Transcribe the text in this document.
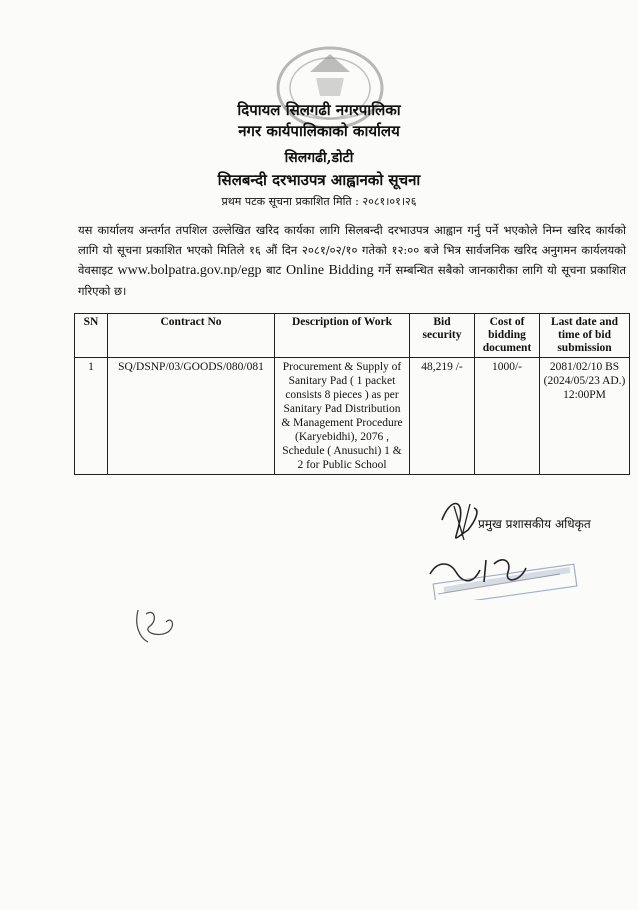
दिपायल सिलगढी नगरपालिका
नगर कार्यपालिकाको कार्यालय
सिलगढी,डोटी
सिलबन्दी दरभाउपत्र आह्वानको सूचना
प्रथम पटक सूचना प्रकाशित मिति : २०८१।०१।२६
यस कार्यालय अन्तर्गत तपशिल उल्लेखित खरिद कार्यका लागि सिलबन्दी दरभाउपत्र आह्वान गर्नु पर्ने भएकोले निम्न खरिद कार्यको लागि यो सूचना प्रकाशित भएको मितिले १६ औं दिन २०८१/०२/१० गतेको १२:०० बजे भित्र सार्वजनिक खरिद अनुगमन कार्यलयको वेवसाइट www.bolpatra.gov.np/egp बाट Online Bidding गर्ने सम्बन्धित सबैको जानकारीका लागि यो सूचना प्रकाशित गरिएको छ।
SN	Contract No	Description of Work	Bid security	Cost of bidding document	Last date and time of bid submission
1	SQ/DSNP/03/GOODS/080/081	Procurement & Supply of Sanitary Pad ( 1 packet consists 8 pieces ) as per Sanitary Pad Distribution & Management Procedure (Karyebidhi), 2076 , Schedule ( Anusuchi) 1 & 2 for Public School	48,219 /-	1000/-	2081/02/10 BS
(2024/05/23 AD.)
12:00PM
प्रमुख प्रशासकीय अधिकृत
